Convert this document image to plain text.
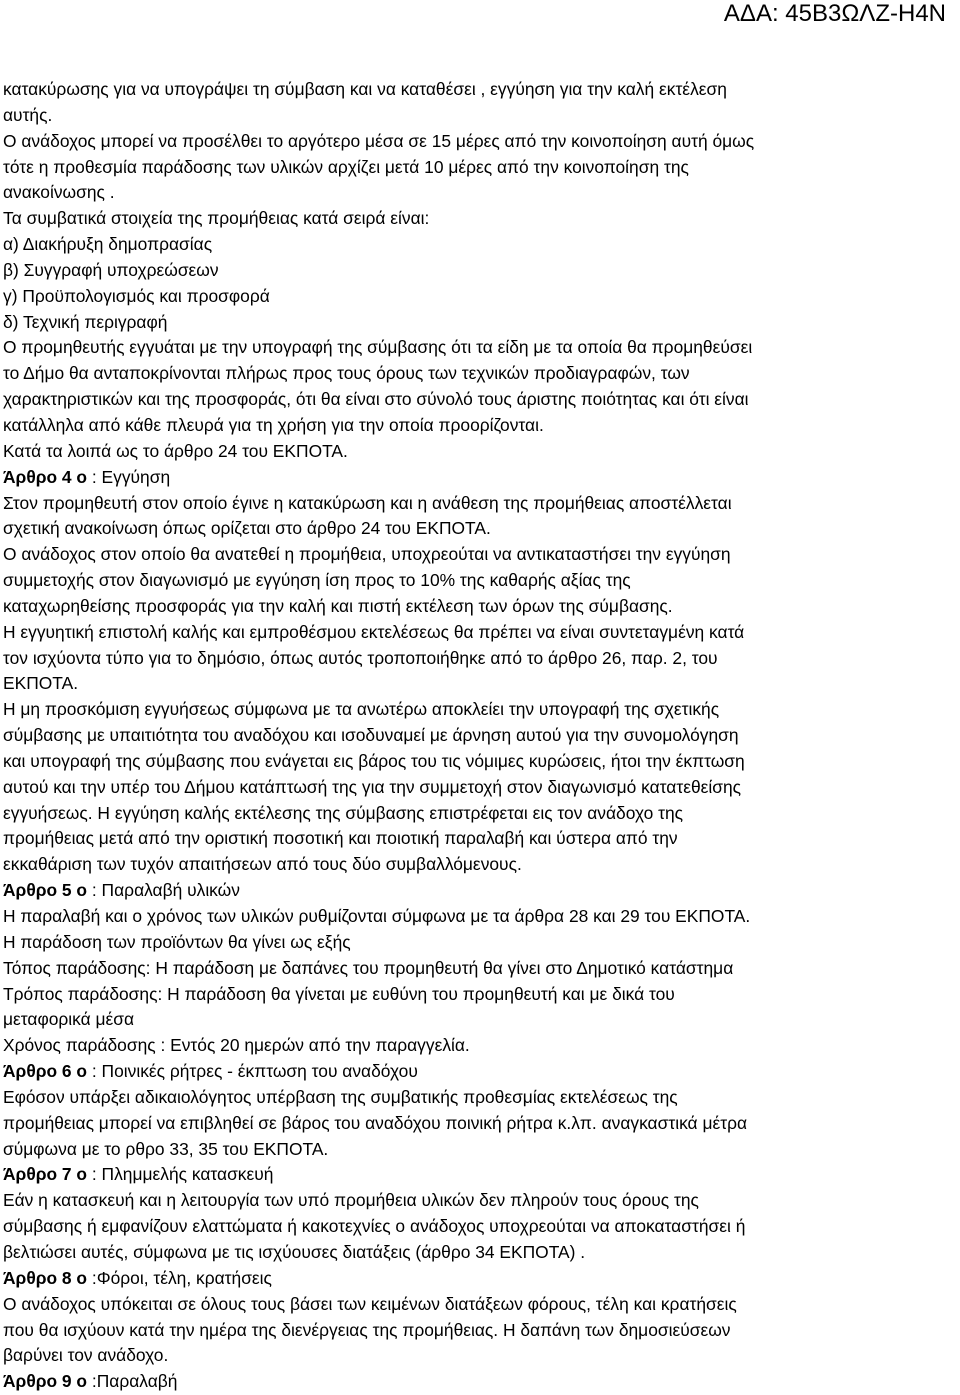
ΑΔΑ: 45Β3ΩΛΖ-Η4Ν

κατακύρωσης για να υπογράψει τη σύμβαση και να καταθέσει , εγγύηση για την καλή εκτέλεση

αυτής.

Ο ανάδοχος μπορεί να προσέλθει το αργότερο μέσα σε 15 μέρες από την κοινοποίηση αυτή όμως

τότε η προθεσμία παράδοσης των υλικών αρχίζει μετά 10 μέρες από την κοινοποίηση της

ανακοίνωσης .

Τα συμβατικά στοιχεία της προμήθειας κατά σειρά είναι:

α) Διακήρυξη δημοπρασίας

β) Συγγραφή υποχρεώσεων

γ) Προϋπολογισμός και προσφορά

δ) Τεχνική περιγραφή

Ο προμηθευτής εγγυάται με την υπογραφή της σύμβασης ότι τα είδη με τα οποία θα προμηθεύσει

το Δήμο θα ανταποκρίνονται πλήρως προς τους όρους των τεχνικών προδιαγραφών, των

χαρακτηριστικών και της προσφοράς, ότι θα είναι στο σύνολό τους άριστης ποιότητας και ότι είναι

κατάλληλα από κάθε πλευρά για τη χρήση για την οποία προορίζονται.

Κατά τα λοιπά ως το άρθρο 24 του ΕΚΠΟΤΑ.

Άρθρο 4 ο : Εγγύηση

Στον προμηθευτή στον οποίο έγινε η κατακύρωση και η ανάθεση της προμήθειας αποστέλλεται

σχετική ανακοίνωση όπως ορίζεται στο άρθρο 24 του ΕΚΠΟΤΑ.

Ο ανάδοχος στον οποίο θα ανατεθεί η προμήθεια, υποχρεούται να αντικαταστήσει την εγγύηση

συμμετοχής στον διαγωνισμό με εγγύηση ίση προς το 10% της καθαρής αξίας της

καταχωρηθείσης προσφοράς για την καλή και πιστή εκτέλεση των όρων της σύμβασης.

Η εγγυητική επιστολή καλής και εμπροθέσμου εκτελέσεως θα πρέπει να είναι συντεταγμένη κατά

τον ισχύοντα τύπο για το δημόσιο, όπως αυτός τροποποιήθηκε από το άρθρο 26, παρ. 2, του

ΕΚΠΟΤΑ.

Η μη προσκόμιση εγγυήσεως σύμφωνα με τα ανωτέρω αποκλείει την υπογραφή της σχετικής

σύμβασης με υπαιτιότητα του αναδόχου και ισοδυναμεί με άρνηση αυτού για την συνομολόγηση

και υπογραφή της σύμβασης που ενάγεται εις βάρος του τις νόμιμες κυρώσεις, ήτοι την έκπτωση

αυτού και την υπέρ του Δήμου κατάπτωσή της για την συμμετοχή στον διαγωνισμό κατατεθείσης

εγγυήσεως. Η εγγύηση καλής εκτέλεσης της σύμβασης επιστρέφεται εις τον ανάδοχο της

προμήθειας μετά από την οριστική ποσοτική και ποιοτική παραλαβή και ύστερα από την

εκκαθάριση των τυχόν απαιτήσεων από τους δύο συμβαλλόμενους.

Άρθρο 5 ο : Παραλαβή υλικών

Η παραλαβή και ο χρόνος των υλικών ρυθμίζονται σύμφωνα με τα άρθρα 28 και 29 του ΕΚΠΟΤΑ.

Η παράδοση των προϊόντων θα γίνει ως εξής

Τόπος παράδοσης: Η παράδοση με δαπάνες του προμηθευτή θα γίνει στο Δημοτικό κατάστημα

Τρόπος παράδοσης: Η παράδοση θα γίνεται με ευθύνη του προμηθευτή και με δικά του

μεταφορικά μέσα

Χρόνος παράδοσης : Εντός 20 ημερών από την παραγγελία.

Άρθρο 6 ο : Ποινικές ρήτρες - έκπτωση του αναδόχου

Εφόσον υπάρξει αδικαιολόγητος υπέρβαση της συμβατικής προθεσμίας εκτελέσεως της

προμήθειας μπορεί να επιβληθεί σε βάρος του αναδόχου ποινική ρήτρα κ.λπ. αναγκαστικά μέτρα

σύμφωνα με το ρθρο 33, 35 του ΕΚΠΟΤΑ.

Άρθρο 7 ο : Πλημμελής κατασκευή

Εάν η κατασκευή και η λειτουργία των υπό προμήθεια υλικών δεν πληρούν τους όρους της

σύμβασης ή εμφανίζουν ελαττώματα ή κακοτεχνίες ο ανάδοχος υποχρεούται να αποκαταστήσει ή

βελτιώσει αυτές, σύμφωνα με τις ισχύουσες διατάξεις (άρθρο 34 ΕΚΠΟΤΑ) .

Άρθρο 8 ο :Φόροι, τέλη, κρατήσεις

Ο ανάδοχος υπόκειται σε όλους τους βάσει των κειμένων διατάξεων φόρους, τέλη και κρατήσεις

που θα ισχύουν κατά την ημέρα της διενέργειας της προμήθειας. Η δαπάνη των δημοσιεύσεων

βαρύνει τον ανάδοχο.

Άρθρο 9 ο :Παραλαβή
